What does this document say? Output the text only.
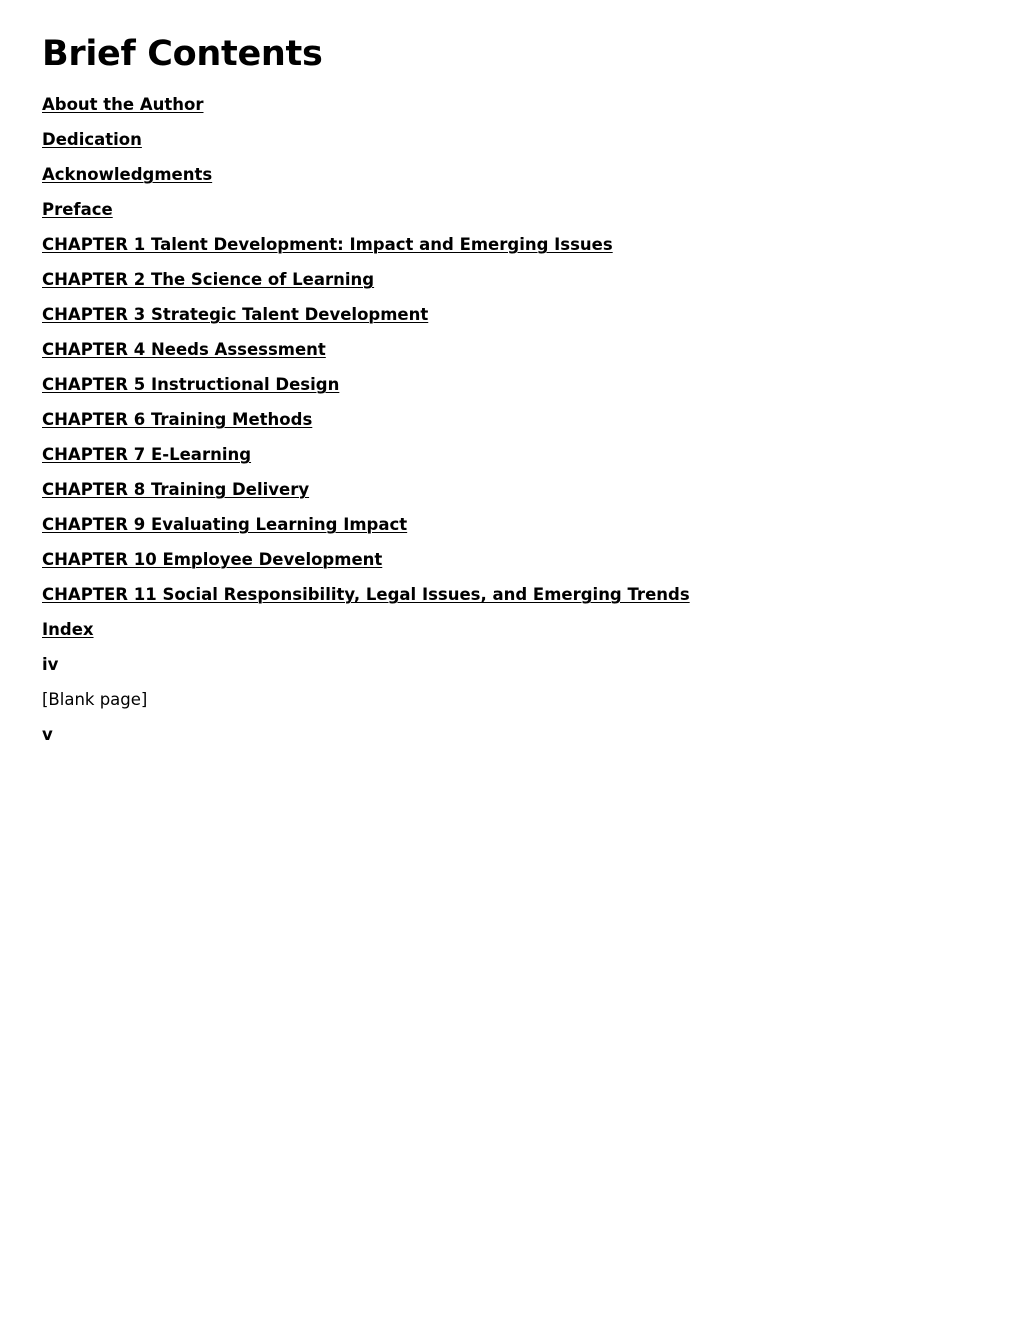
Brief Contents
About the Author
Dedication
Acknowledgments
Preface
CHAPTER 1 Talent Development: Impact and Emerging Issues
CHAPTER 2 The Science of Learning
CHAPTER 3 Strategic Talent Development
CHAPTER 4 Needs Assessment
CHAPTER 5 Instructional Design
CHAPTER 6 Training Methods
CHAPTER 7 E-Learning
CHAPTER 8 Training Delivery
CHAPTER 9 Evaluating Learning Impact
CHAPTER 10 Employee Development
CHAPTER 11 Social Responsibility, Legal Issues, and Emerging Trends
Index
iv
[Blank page]
v
